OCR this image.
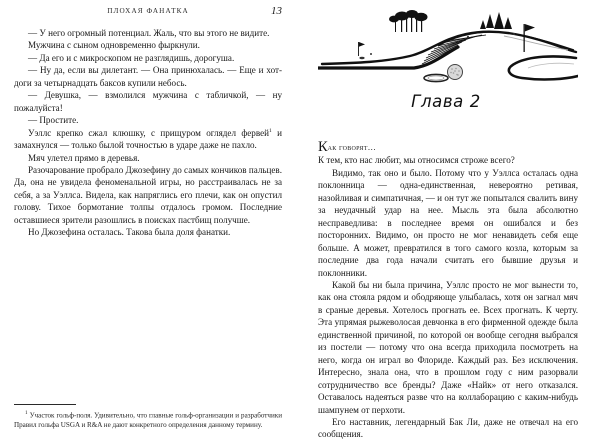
ПЛОХАЯ ФАНАТКА	13

— У него огромный потенциал. Жаль, что вы этого не видите.

Мужчина с сыном одновременно фыркнули.

— Да его и с микроскопом не разглядишь, дорогуша.

— Ну да, если вы дилетант. — Она принюхалась. — Еще и хот-доги за четырнадцать баксов купили небось.

— Девушка, — взмолился мужчина с табличкой, — ну пожалуйста!

— Простите.

Уэллс крепко сжал клюшку, с прищуром оглядел фервей$^1$ и замахнулся — только былой точностью в ударе даже не пахло.

Мяч улетел прямо в деревья.

Разочарование пробрало Джозефину до самых кончиков пальцев. Да, она не увидела феноменальной игры, но расстраивалась не за себя, а за Уэллса. Видела, как напряглись его плечи, как он опустил голову. Тихое бормотание толпы отдалось громом. Последние оставшиеся зрители разошлись в поисках пастбищ получше.

Но Джозефина осталась. Такова была доля фанатки.

$^1$ Участок гольф-поля. Удивительно, что главные гольф-организации и разработчики Правил гольфа USGA и R&A не дают конкретного определения данному термину.

Глава 2

Как говорят…

К тем, кто нас любит, мы относимся строже всего?

Видимо, так оно и было. Потому что у Уэллса осталась одна поклонница — одна-единственная, невероятно ретивая, назойливая и симпатичная, — и он тут же попытался свалить вину за неудачный удар на нее. Мысль эта была абсолютно несправедлива: в последнее время он ошибался и без посторонних. Видимо, он просто не мог ненавидеть себя еще больше. А может, превратился в того самого козла, которым за последние два года начали считать его бывшие друзья и поклонники.

Какой бы ни была причина, Уэллс просто не мог вынести то, как она стояла рядом и ободряюще улыбалась, хотя он загнал мяч в сраные деревья. Хотелось прогнать ее. Всех прогнать. К черту. Эта упрямая рыжеволосая девчонка в его фирменной одежде была единственной причиной, по которой он вообще сегодня выбрался из постели — потому что она всегда приходила посмотреть на него, когда он играл во Флориде. Каждый раз. Без исключения. Интересно, знала она, что в прошлом году с ним разорвали сотрудничество все бренды? Даже «Найк» от него отказался. Оставалось надеяться разве что на коллаборацию с каким-нибудь шампунем от перхоти.

Его наставник, легендарный Бак Ли, даже не отвечал на его сообщения.
